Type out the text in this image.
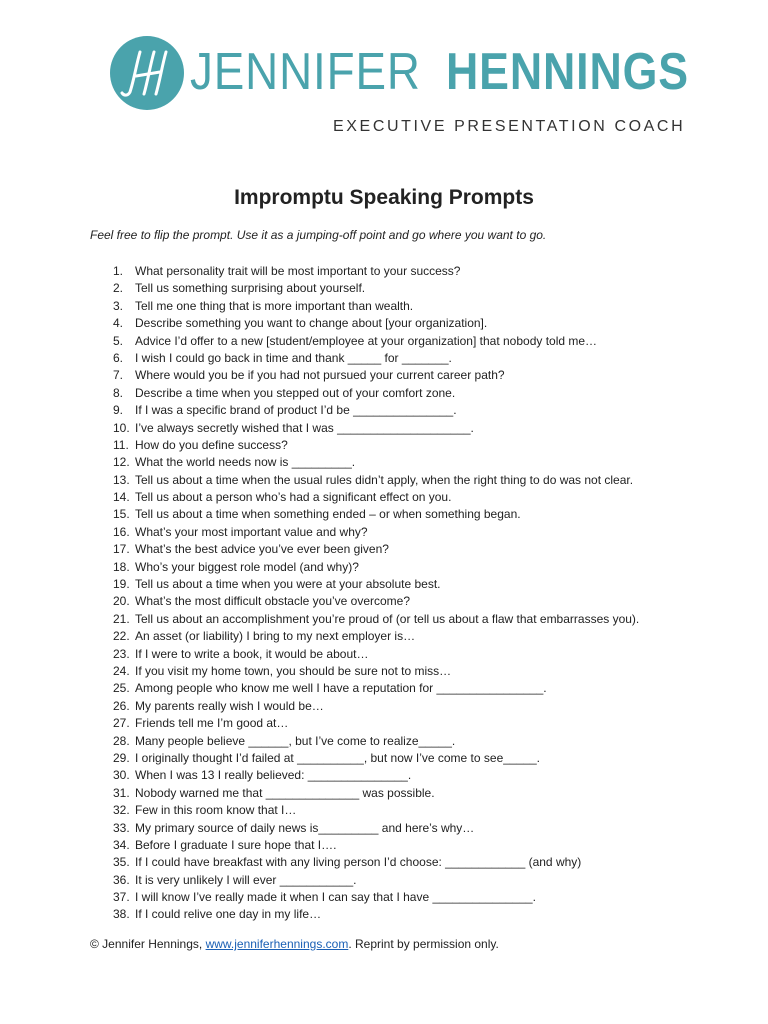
JENNIFER HENNINGS
EXECUTIVE PRESENTATION COACH
Impromptu Speaking Prompts
Feel free to flip the prompt. Use it as a jumping-off point and go where you want to go.
1. What personality trait will be most important to your success?
2. Tell us something surprising about yourself.
3. Tell me one thing that is more important than wealth.
4. Describe something you want to change about [your organization].
5. Advice I’d offer to a new [student/employee at your organization] that nobody told me…
6. I wish I could go back in time and thank _____ for _______.
7. Where would you be if you had not pursued your current career path?
8. Describe a time when you stepped out of your comfort zone.
9. If I was a specific brand of product I’d be _______________.
10. I’ve always secretly wished that I was ____________________.
11. How do you define success?
12. What the world needs now is _________.
13. Tell us about a time when the usual rules didn’t apply, when the right thing to do was not clear.
14. Tell us about a person who’s had a significant effect on you.
15. Tell us about a time when something ended – or when something began.
16. What’s your most important value and why?
17. What’s the best advice you’ve ever been given?
18. Who’s your biggest role model (and why)?
19. Tell us about a time when you were at your absolute best.
20. What’s the most difficult obstacle you’ve overcome?
21. Tell us about an accomplishment you’re proud of (or tell us about a flaw that embarrasses you).
22. An asset (or liability) I bring to my next employer is…
23. If I were to write a book, it would be about…
24. If you visit my home town, you should be sure not to miss…
25. Among people who know me well I have a reputation for ________________.
26. My parents really wish I would be…
27. Friends tell me I’m good at…
28. Many people believe ______, but I’ve come to realize_____.
29. I originally thought I’d failed at __________, but now I’ve come to see_____.
30. When I was 13 I really believed: _______________.
31. Nobody warned me that ______________ was possible.
32. Few in this room know that I…
33. My primary source of daily news is_________ and here’s why…
34. Before I graduate I sure hope that I….
35. If I could have breakfast with any living person I’d choose: ____________ (and why)
36. It is very unlikely I will ever ___________.
37. I will know I’ve really made it when I can say that I have _______________.
38. If I could relive one day in my life…
© Jennifer Hennings, www.jenniferhennings.com. Reprint by permission only.
